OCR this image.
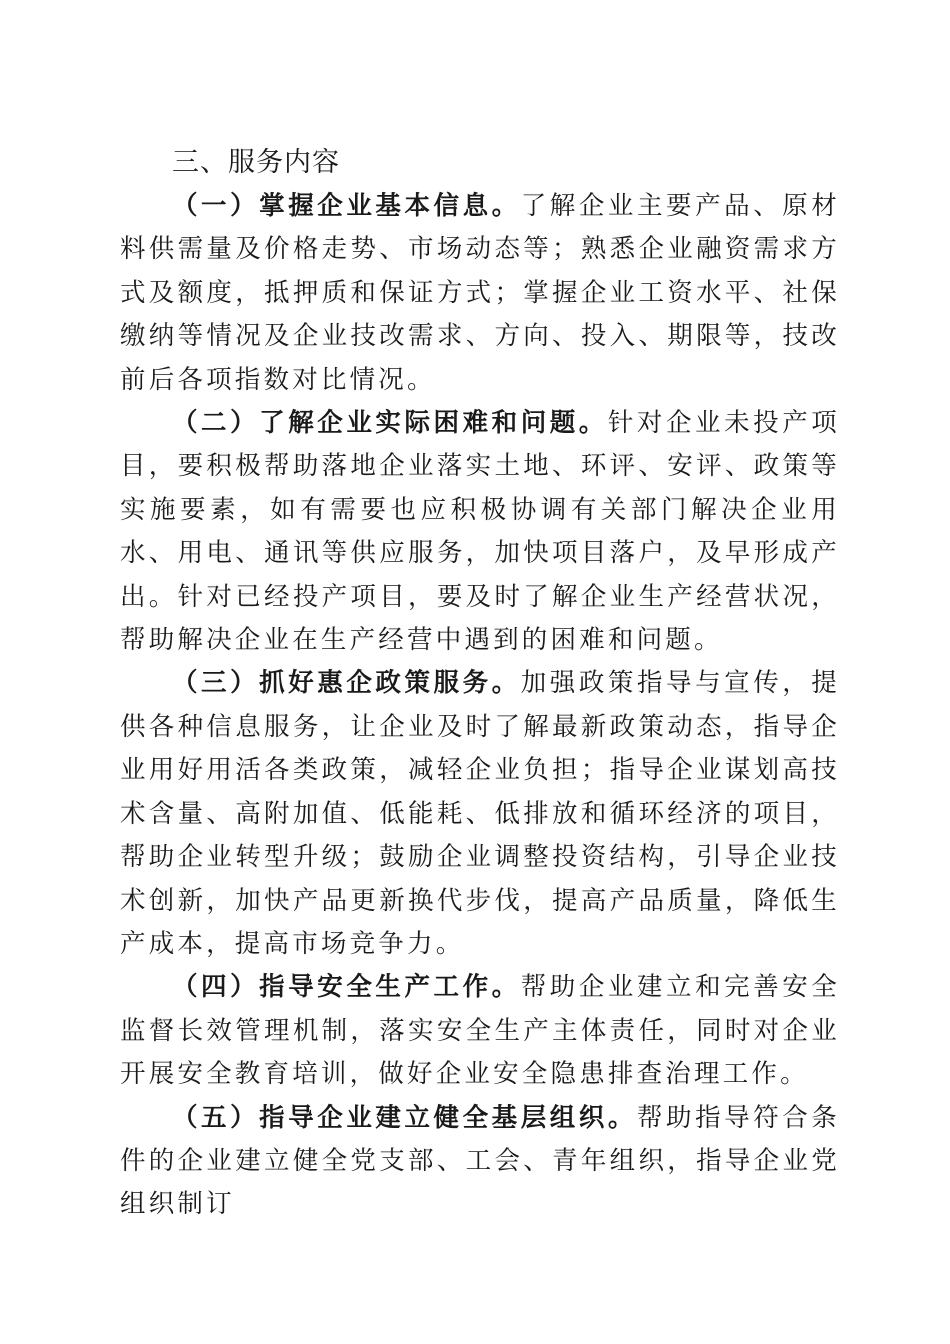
三、服务内容

（一）掌握企业基本信息。了解企业主要产品、原材料供需量及价格走势、市场动态等；熟悉企业融资需求方式及额度，抵押质和保证方式；掌握企业工资水平、社保缴纳等情况及企业技改需求、方向、投入、期限等，技改前后各项指数对比情况。

（二）了解企业实际困难和问题。针对企业未投产项目，要积极帮助落地企业落实土地、环评、安评、政策等实施要素，如有需要也应积极协调有关部门解决企业用水、用电、通讯等供应服务，加快项目落户，及早形成产出。针对已经投产项目，要及时了解企业生产经营状况，帮助解决企业在生产经营中遇到的困难和问题。

（三）抓好惠企政策服务。加强政策指导与宣传，提供各种信息服务，让企业及时了解最新政策动态，指导企业用好用活各类政策，减轻企业负担；指导企业谋划高技术含量、高附加值、低能耗、低排放和循环经济的项目，帮助企业转型升级；鼓励企业调整投资结构，引导企业技术创新，加快产品更新换代步伐，提高产品质量，降低生产成本，提高市场竞争力。

（四）指导安全生产工作。帮助企业建立和完善安全监督长效管理机制，落实安全生产主体责任，同时对企业开展安全教育培训，做好企业安全隐患排查治理工作。

（五）指导企业建立健全基层组织。帮助指导符合条件的企业建立健全党支部、工会、青年组织，指导企业党组织制订
